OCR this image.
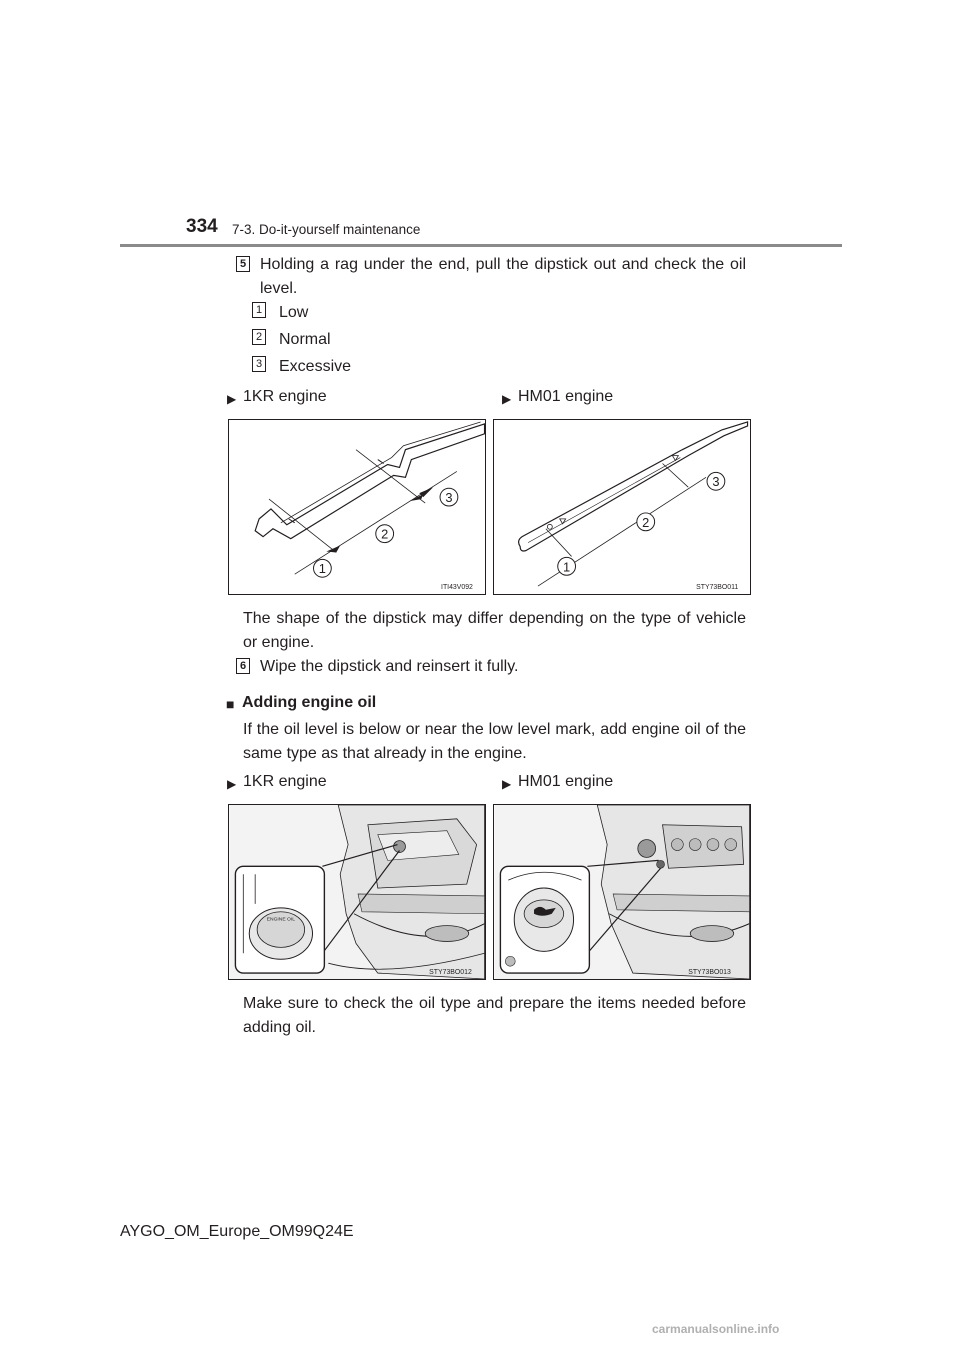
334 7-3. Do-it-yourself maintenance
5 Holding a rag under the end, pull the dipstick out and check the oil level.
1 Low
2 Normal
3 Excessive
▶ 1KR engine	▶ HM01 engine
1
2
3
ITI43V092
1
2
3
STY73BO011
The shape of the dipstick may differ depending on the type of vehicle or engine.
6 Wipe the dipstick and reinsert it fully.
■ Adding engine oil
If the oil level is below or near the low level mark, add engine oil of the same type as that already in the engine.
▶ 1KR engine	▶ HM01 engine
ENGINE OIL
STY73BO012	STY73BO013
Make sure to check the oil type and prepare the items needed before adding oil.
AYGO_OM_Europe_OM99Q24E
carmanualsonline.info
